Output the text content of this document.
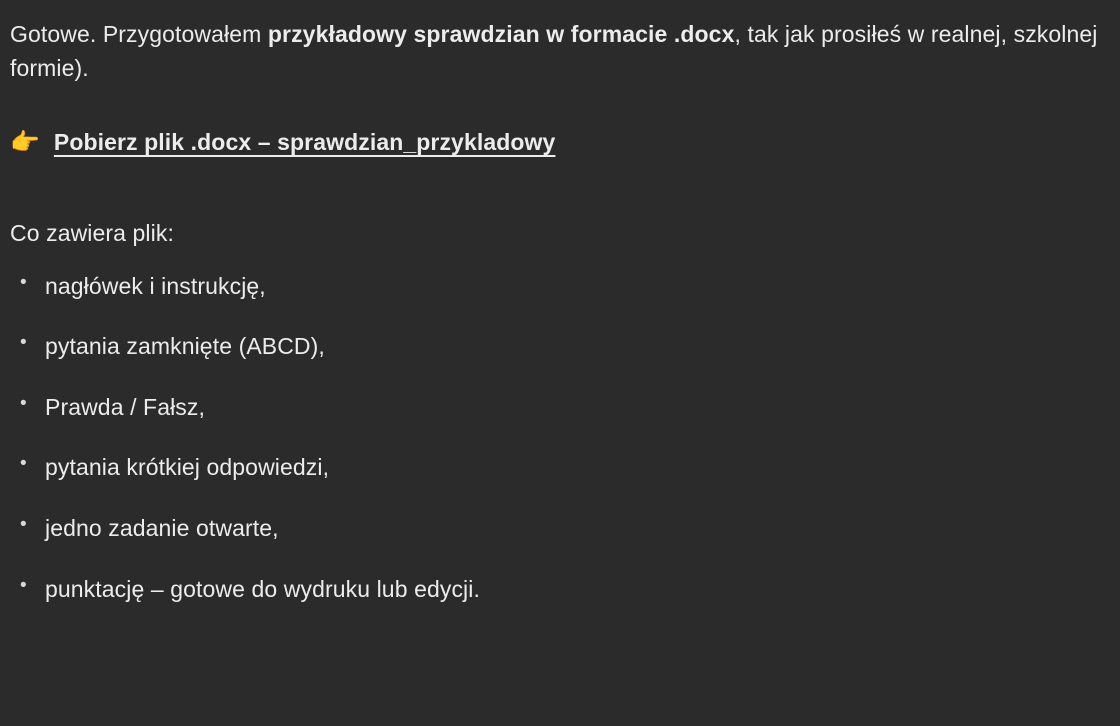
Gotowe. Przygotowałem przykładowy sprawdzian w formacie .docx, tak jak prosiłeś w realnej, szkolnej formie).

👉 Pobierz plik .docx – sprawdzian_przykladowy

Co zawiera plik:

• nagłówek i instrukcję,
• pytania zamknięte (ABCD),
• Prawda / Fałsz,
• pytania krótkiej odpowiedzi,
• jedno zadanie otwarte,
• punktację – gotowe do wydruku lub edycji.
